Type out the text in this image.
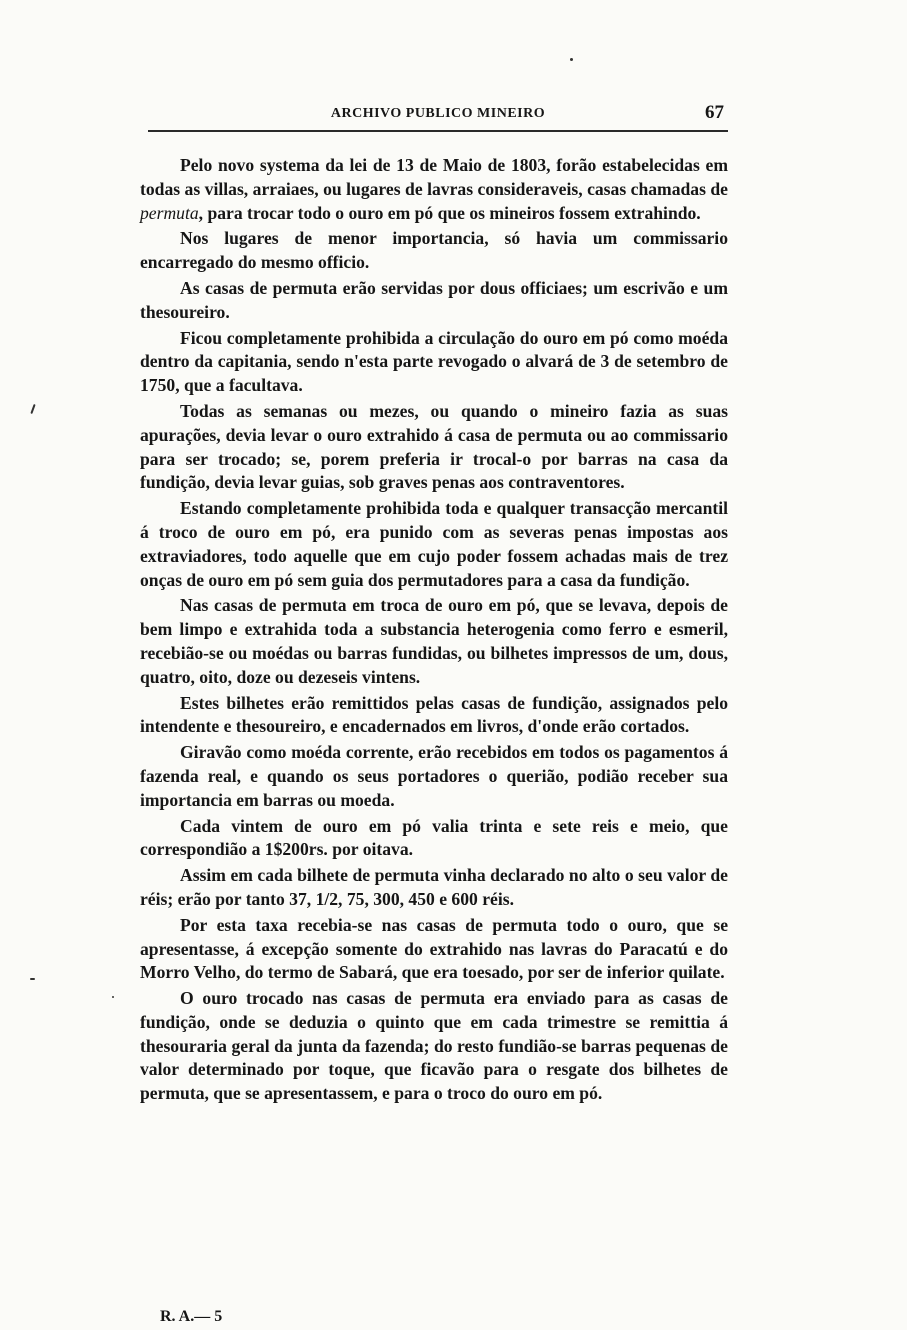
ARCHIVO PUBLICO MINEIRO	67

Pelo novo systema da lei de 13 de Maio de 1803, forão estabelecidas em todas as villas, arraiaes, ou lugares de lavras consideraveis, casas chamadas de permuta, para trocar todo o ouro em pó que os mineiros fossem extrahindo.

Nos lugares de menor importancia, só havia um commissario encarregado do mesmo officio.

As casas de permuta erão servidas por dous officiaes; um escrivão e um thesoureiro.

Ficou completamente prohibida a circulação do ouro em pó como moéda dentro da capitania, sendo n'esta parte revogado o alvará de 3 de setembro de 1750, que a facultava.

Todas as semanas ou mezes, ou quando o mineiro fazia as suas apurações, devia levar o ouro extrahido á casa de permuta ou ao commissario para ser trocado; se, porem preferia ir trocal-o por barras na casa da fundição, devia levar guias, sob graves penas aos contraventores.

Estando completamente prohibida toda e qualquer transacção mercantil á troco de ouro em pó, era punido com as severas penas impostas aos extraviadores, todo aquelle que em cujo poder fossem achadas mais de trez onças de ouro em pó sem guia dos permutadores para a casa da fundição.

Nas casas de permuta em troca de ouro em pó, que se levava, depois de bem limpo e extrahida toda a substancia heterogenia como ferro e esmeril, recebião-se ou moédas ou barras fundidas, ou bilhetes impressos de um, dous, quatro, oito, doze ou dezeseis vintens.

Estes bilhetes erão remittidos pelas casas de fundição, assignados pelo intendente e thesoureiro, e encadernados em livros, d'onde erão cortados.

Giravão como moéda corrente, erão recebidos em todos os pagamentos á fazenda real, e quando os seus portadores o querião, podião receber sua importancia em barras ou moeda.

Cada vintem de ouro em pó valia trinta e sete reis e meio, que correspondião a 1$200rs. por oitava.

Assim em cada bilhete de permuta vinha declarado no alto o seu valor de réis; erão por tanto 37, 1/2, 75, 300, 450 e 600 réis.

Por esta taxa recebia-se nas casas de permuta todo o ouro, que se apresentasse, á excepção somente do extrahido nas lavras do Paracatú e do Morro Velho, do termo de Sabará, que era toesado, por ser de inferior quilate.

O ouro trocado nas casas de permuta era enviado para as casas de fundição, onde se deduzia o quinto que em cada trimestre se remittia á thesouraria geral da junta da fazenda; do resto fundião-se barras pequenas de valor determinado por toque, que ficavão para o resgate dos bilhetes de permuta, que se apresentassem, e para o troco do ouro em pó.

R. A.— 5
